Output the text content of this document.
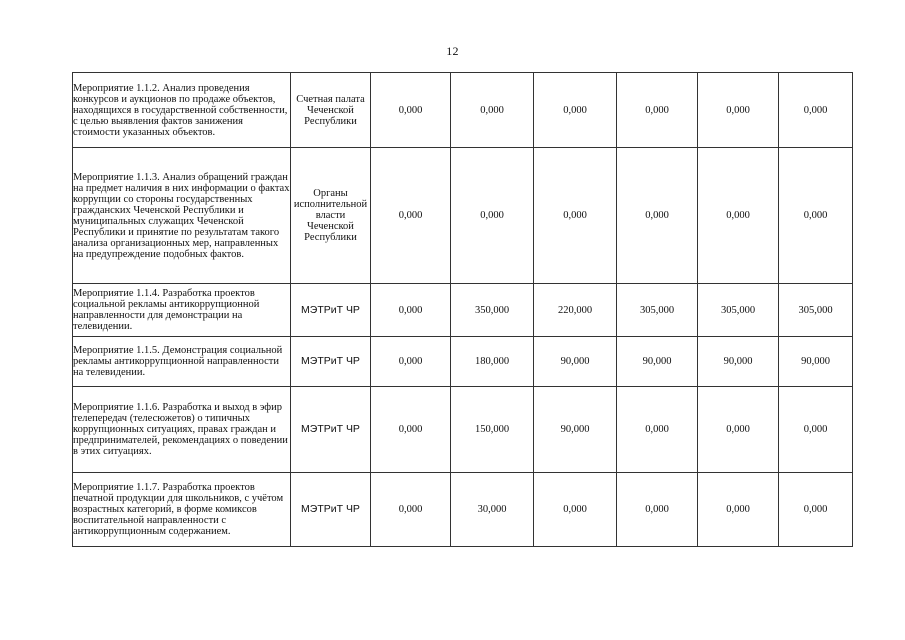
12
Мероприятие 1.1.2. Анализ проведения конкурсов и аукционов по продаже объектов, находящихся в государственной собственности, с целью выявления фактов занижения стоимости указанных объектов.	Счетная палата Чеченской Республики	0,000	0,000	0,000	0,000	0,000	0,000
Мероприятие 1.1.3. Анализ обращений граждан на предмет наличия в них информации о фактах коррупции со стороны государственных гражданских Чеченской Республики и муниципальных служащих Чеченской Республики и принятие по результатам такого анализа организационных мер, направленных на предупреждение подобных фактов.	Органы исполнительной власти Чеченской Республики	0,000	0,000	0,000	0,000	0,000	0,000
Мероприятие 1.1.4. Разработка проектов социальной рекламы антикоррупционной направленности для демонстрации на телевидении.	МЭТРиТ ЧР	0,000	350,000	220,000	305,000	305,000	305,000
Мероприятие 1.1.5. Демонстрация социальной рекламы антикоррупционной направленности на телевидении.	МЭТРиТ ЧР	0,000	180,000	90,000	90,000	90,000	90,000
Мероприятие 1.1.6. Разработка и выход в эфир телепередач (телесюжетов) о типичных коррупционных ситуациях, правах граждан и предпринимателей, рекомендациях о поведении в этих ситуациях.	МЭТРиТ ЧР	0,000	150,000	90,000	0,000	0,000	0,000
Мероприятие 1.1.7. Разработка проектов печатной продукции для школьников, с учётом возрастных категорий, в форме комиксов воспитательной направленности с антикоррупционным содержанием.	МЭТРиТ ЧР	0,000	30,000	0,000	0,000	0,000	0,000
